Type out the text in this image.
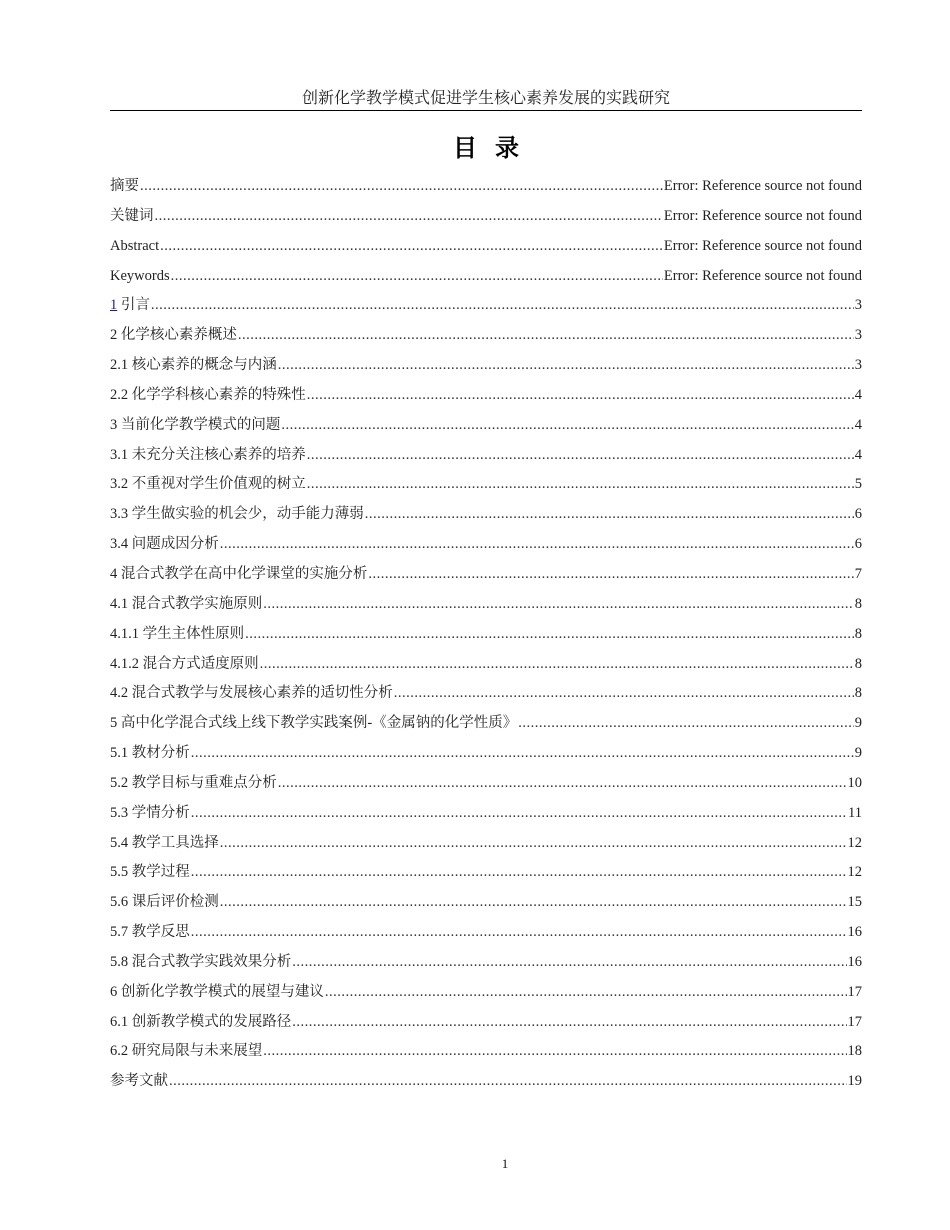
创新化学教学模式促进学生核心素养发展的实践研究
目录
摘要 .....	Error: Reference source not found
关键词 .....	Error: Reference source not found
Abstract .....	Error: Reference source not found
Keywords .....	Error: Reference source not found
1 引言 .....	3
2 化学核心素养概述 .....	3
2.1 核心素养的概念与内涵 .....	3
2.2 化学学科核心素养的特殊性 .....	4
3 当前化学教学模式的问题 .....	4
3.1 未充分关注核心素养的培养 .....	4
3.2 不重视对学生价值观的树立 .....	5
3.3 学生做实验的机会少，动手能力薄弱 .....	6
3.4 问题成因分析 .....	6
4 混合式教学在高中化学课堂的实施分析 .....	7
4.1 混合式教学实施原则 .....	8
4.1.1 学生主体性原则 .....	8
4.1.2 混合方式适度原则 .....	8
4.2 混合式教学与发展核心素养的适切性分析 .....	8
5 高中化学混合式线上线下教学实践案例-《金属钠的化学性质》 .....	9
5.1 教材分析 .....	9
5.2 教学目标与重难点分析 .....	10
5.3 学情分析 .....	11
5.4 教学工具选择 .....	12
5.5 教学过程 .....	12
5.6 课后评价检测 .....	15
5.7 教学反思 .....	16
5.8 混合式教学实践效果分析 .....	16
6 创新化学教学模式的展望与建议 .....	17
6.1 创新教学模式的发展路径 .....	17
6.2 研究局限与未来展望 .....	18
参考文献 .....	19
1
